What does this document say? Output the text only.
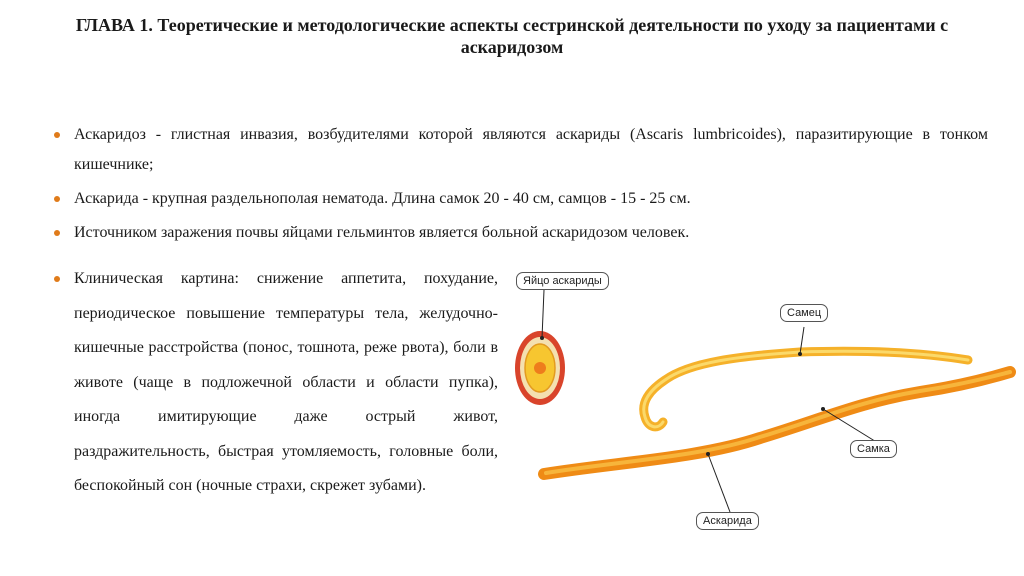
ГЛАВА 1. Теоретические и методологические аспекты сестринской деятельности по уходу за пациентами с аскаридозом
Аскаридоз - глистная инвазия, возбудителями которой являются аскариды (Ascaris lumbricoides), паразитирующие в тонком кишечнике;
Аскарида - крупная раздельнополая нематода. Длина самок 20 - 40 см, самцов - 15 - 25 см.
Источником заражения почвы яйцами гельминтов является больной аскаридозом человек.

Клиническая картина: снижение аппетита, похудание, периодическое повышение температуры тела, желудочно-кишечные расстройства (понос, тошнота, реже рвота), боли в животе (чаще в подложечной области и области пупка), иногда имитирующие даже острый живот, раздражительность, быстрая утомляемость, головные боли, беспокойный сон (ночные страхи, скрежет зубами).

Яйцо аскариды
Самец
Самка
Аскарида
